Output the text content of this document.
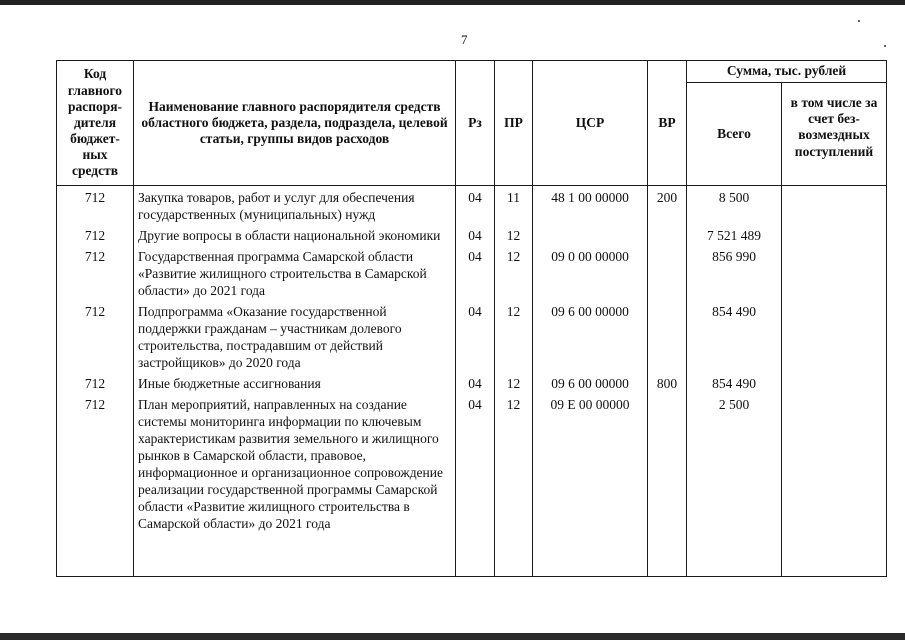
7
Код главного распоря-дителя бюджет-ных средств	Наименование главного распорядителя средств областного бюджета, раздела, подраздела, целевой статьи, группы видов расходов	Рз	ПР	ЦСР	ВР	Сумма, тыс. рублей	
						Всего	в том числе за счет без-возмездных поступлений
712	Закупка товаров, работ и услуг для обеспечения государственных (муниципальных) нужд	04	11	48 1 00 00000	200	8 500	
712	Другие вопросы в области национальной экономики	04	12			7 521 489	
712	Государственная программа Самарской области «Развитие жилищного строительства в Самарской области» до 2021 года	04	12	09 0 00 00000		856 990	
712	Подпрограмма «Оказание государственной поддержки гражданам – участникам долевого строительства, пострадавшим от действий застройщиков» до 2020 года	04	12	09 6 00 00000		854 490	
712	Иные бюджетные ассигнования	04	12	09 6 00 00000	800	854 490	
712	План мероприятий, направленных на создание системы мониторинга информации по ключевым характеристикам развития земельного и жилищного рынков в Самарской области, правовое, информационное и организационное сопровождение реализации государственной программы Самарской области «Развитие жилищного строительства в Самарской области» до 2021 года	04	12	09 Е 00 00000		2 500	
